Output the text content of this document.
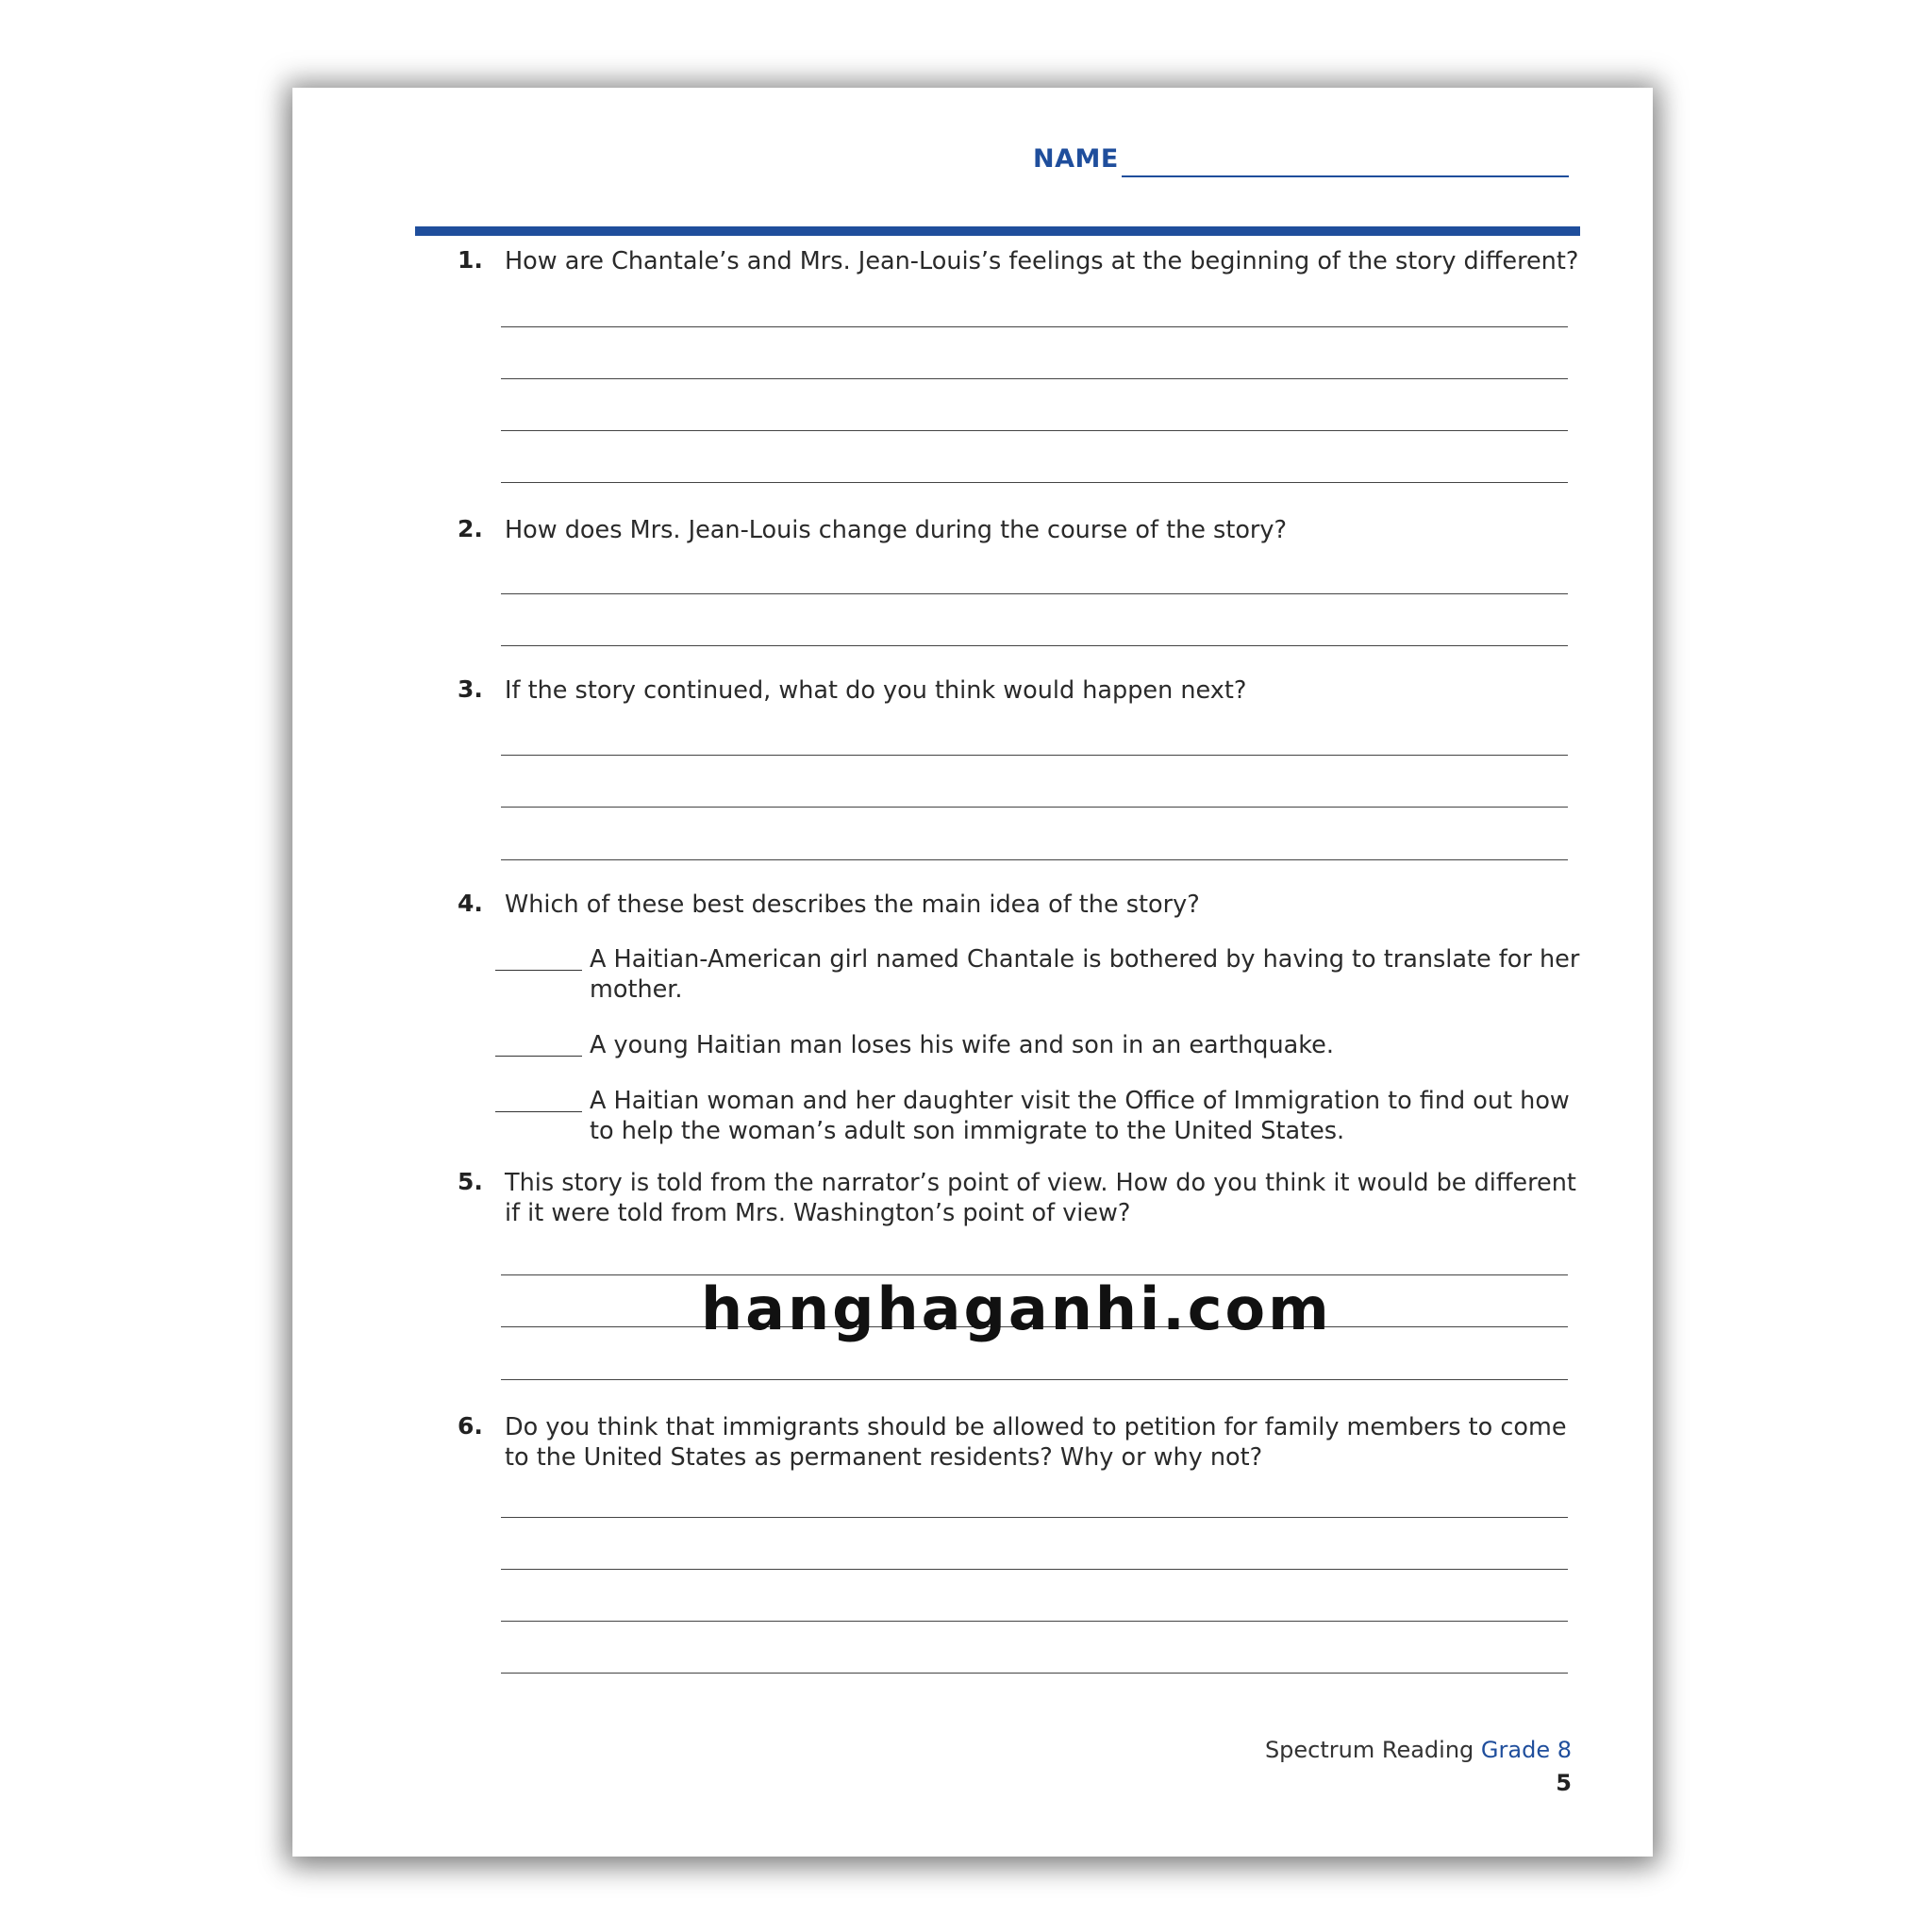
NAME
1. How are Chantale’s and Mrs. Jean-Louis’s feelings at the beginning of the story different?
2. How does Mrs. Jean-Louis change during the course of the story?
3. If the story continued, what do you think would happen next?
4. Which of these best describes the main idea of the story?
A Haitian-American girl named Chantale is bothered by having to translate for her mother.
A young Haitian man loses his wife and son in an earthquake.
A Haitian woman and her daughter visit the Office of Immigration to find out how to help the woman’s adult son immigrate to the United States.
5. This story is told from the narrator’s point of view. How do you think it would be different if it were told from Mrs. Washington’s point of view?
6. Do you think that immigrants should be allowed to petition for family members to come to the United States as permanent residents? Why or why not?
hanghaganhi.com
Spectrum Reading Grade 8
5
